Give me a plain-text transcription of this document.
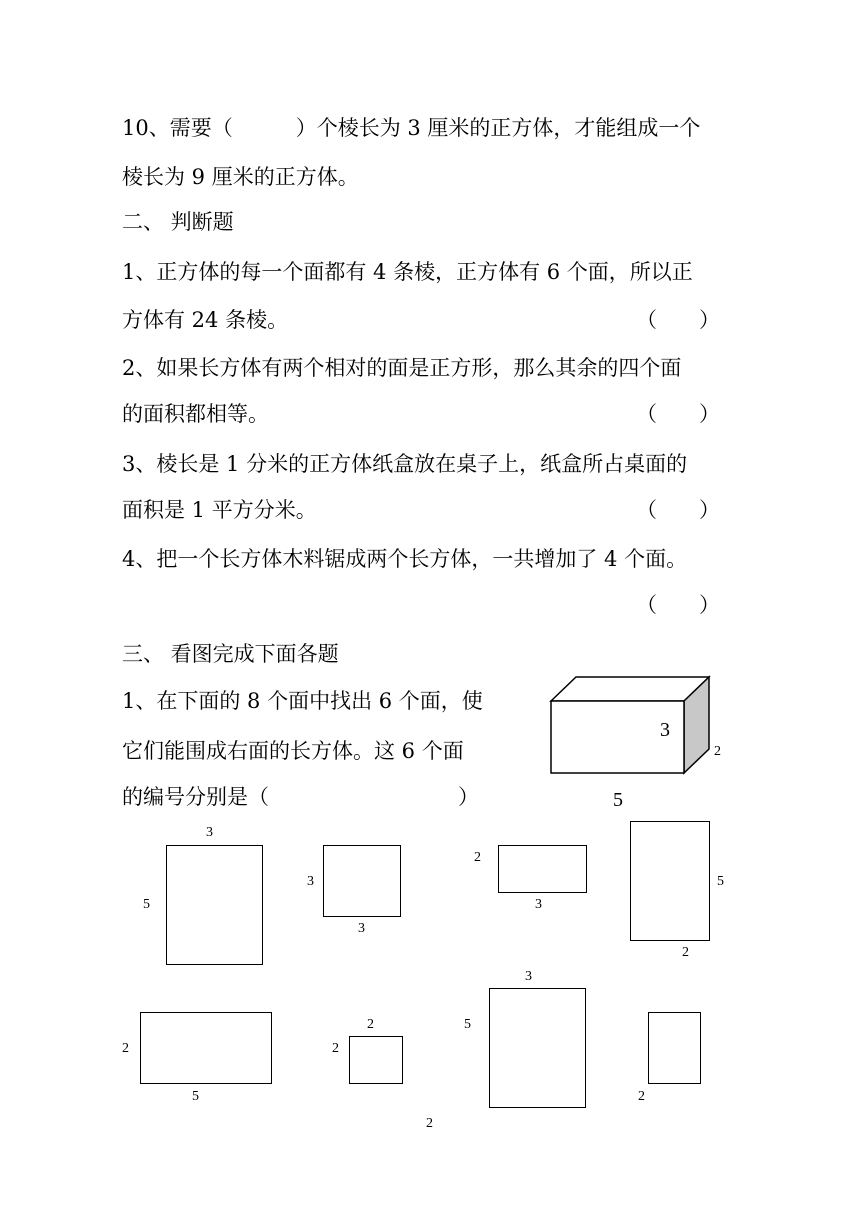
10、需要（　　　）个棱长为 3 厘米的正方体，才能组成一个
棱长为 9 厘米的正方体。
二、 判断题
1、正方体的每一个面都有 4 条棱，正方体有 6 个面，所以正
方体有 24 条棱。	（　　）
2、如果长方体有两个相对的面是正方形，那么其余的四个面
的面积都相等。	（　　）
3、棱长是 1 分米的正方体纸盒放在桌子上，纸盒所占桌面的
面积是 1 平方分米。	（　　）
4、把一个长方体木料锯成两个长方体，一共增加了 4 个面。
（　　）
三、 看图完成下面各题
1、在下面的 8 个面中找出 6 个面，使
它们能围成右面的长方体。这 6 个面
的编号分别是（　　　　　　　　　）
3
2
5
3
5
3
3
2
3
5
2
2
5
2
2
3
5
2
2
